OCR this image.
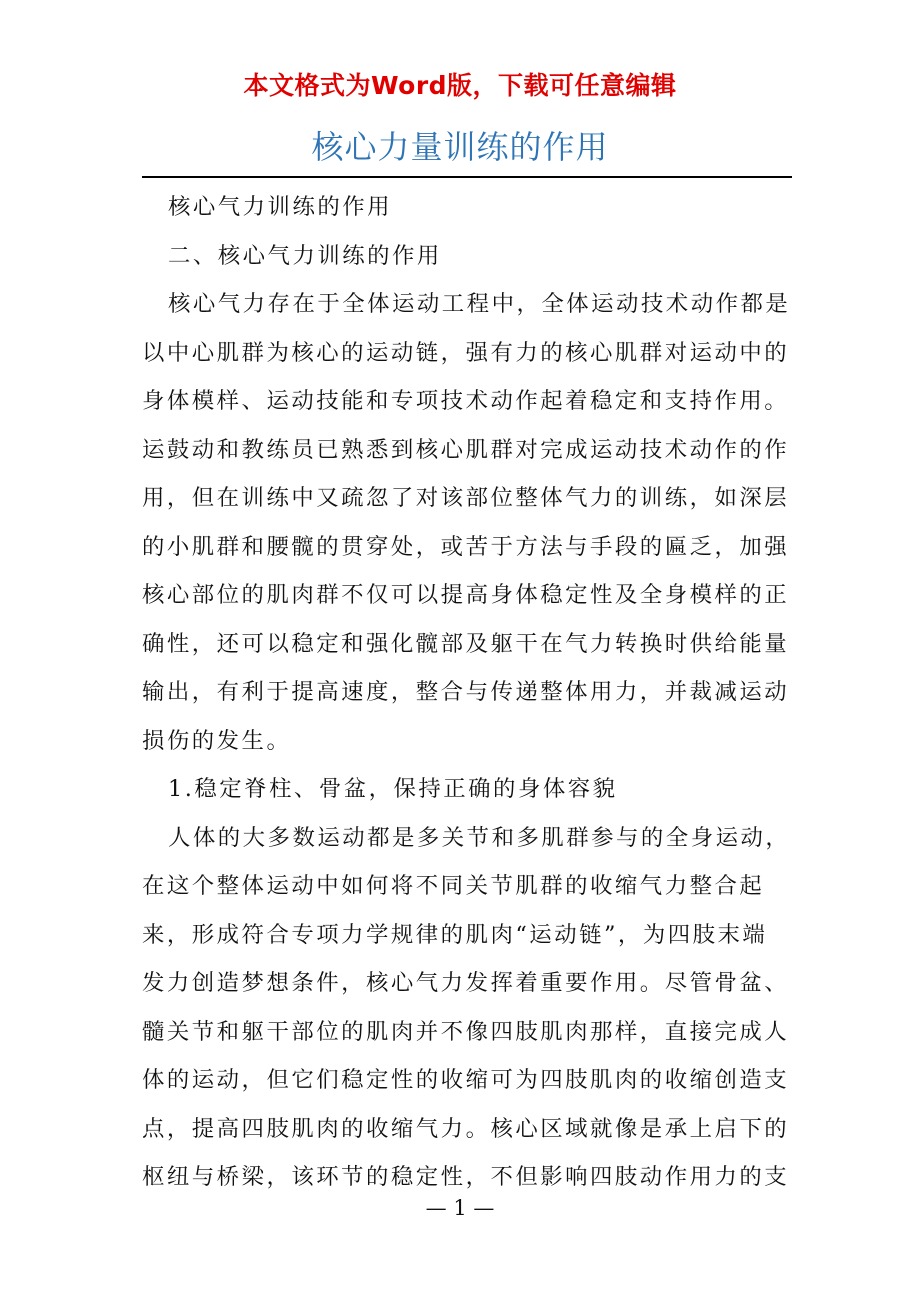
本文格式为Word版，下载可任意编辑
核心力量训练的作用

核心气力训练的作用

二、核心气力训练的作用

核心气力存在于全体运动工程中，全体运动技术动作都是以中心肌群为核心的运动链，强有力的核心肌群对运动中的身体模样、运动技能和专项技术动作起着稳定和支持作用。运鼓动和教练员已熟悉到核心肌群对完成运动技术动作的作用，但在训练中又疏忽了对该部位整体气力的训练，如深层的小肌群和腰髋的贯穿处，或苦于方法与手段的匾乏，加强核心部位的肌肉群不仅可以提高身体稳定性及全身模样的正确性，还可以稳定和强化髋部及躯干在气力转换时供给能量输出，有利于提高速度，整合与传递整体用力，并裁减运动损伤的发生。

1.稳定脊柱、骨盆，保持正确的身体容貌

人体的大多数运动都是多关节和多肌群参与的全身运动，在这个整体运动中如何将不同关节肌群的收缩气力整合起来，形成符合专项力学规律的肌肉“运动链”，为四肢末端发力创造梦想条件，核心气力发挥着重要作用。尽管骨盆、髓关节和躯干部位的肌肉并不像四肢肌肉那样，直接完成人体的运动，但它们稳定性的收缩可为四肢肌肉的收缩创造支点，提高四肢肌肉的收缩气力。核心区域就像是承上启下的枢纽与桥梁，该环节的稳定性，不但影响四肢动作用力的支

— 1 —
